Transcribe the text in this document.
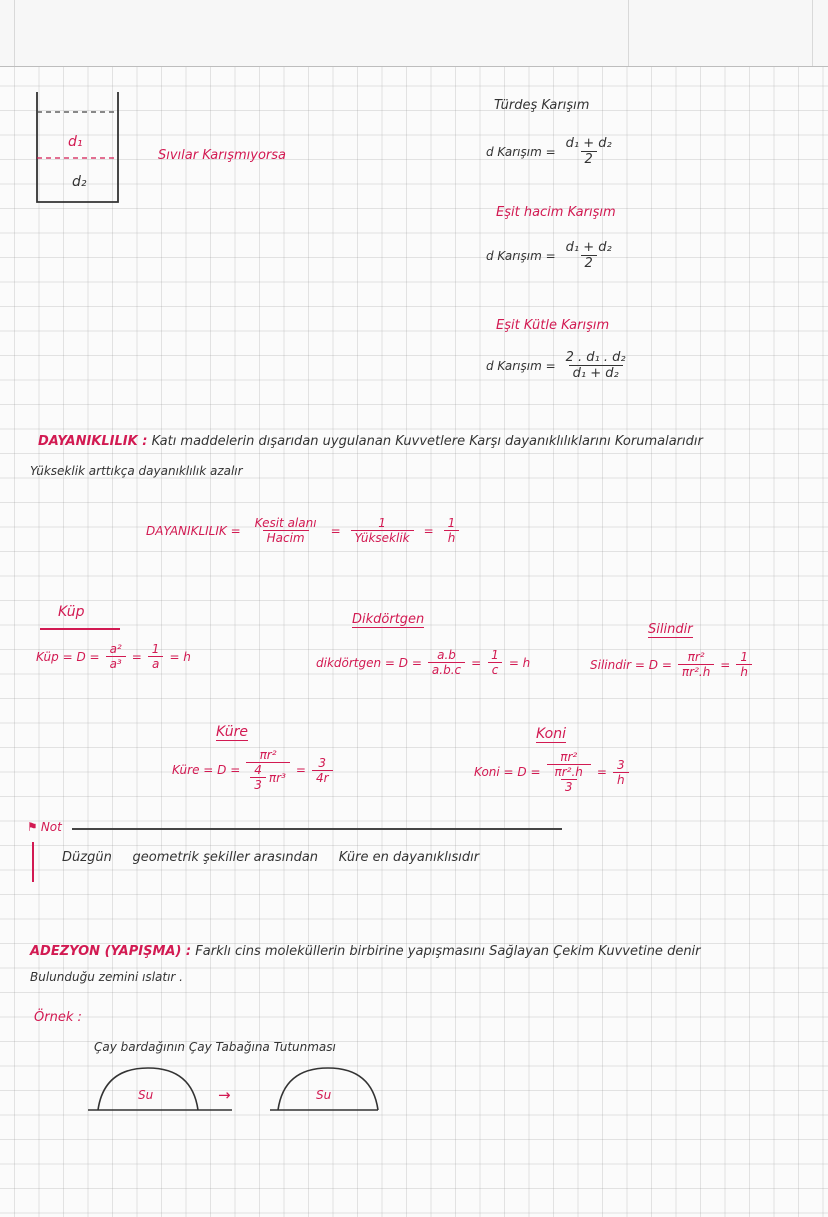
d₁
d₂
Sıvılar Karışmıyorsa
Türdeş Karışım
d Karışım = $\frac{\text{d₁ + d₂}}{2}$
Eşit hacim Karışım
d Karışım = $\frac{\text{d₁ + d₂}}{2}$
Eşit Kütle Karışım
d Karışım = $\frac{\text{2 . d₁ . d₂}}{\text{d₁ + d₂}}$
DAYANIKLILIK : Katı maddelerin dışarıdan uygulanan Kuvvetlere Karşı dayanıklılıklarını Korumalarıdır
Yükseklik arttıkça dayanıklılık azalır
DAYANIKLILIK = $\frac{\text{Kesit alanı}}{\text{Hacim}} = \frac{1}{\text{Yükseklik}} = \frac{1}{h}$
Küp
Küp = $D = \frac{\text{a²}}{\text{a³}} = \frac{1}{a} = h$
Dikdörtgen
dikdörtgen = $D = \frac{a.b}{a.b.c} = \frac{1}{c} = h$
Silindir
Silindir = $D = \frac{\text{πr²}}{\text{πr².h}} = \frac{1}{h}$
Küre
Küre = $D = \frac{\text{πr²}}{\frac{4}{3} \pi r^3} = \frac{3}{4r}$
Koni
Koni = $D = \frac{\text{πr²}}{\frac{\text{πr².h}}{3}} = \frac{3}{h}$
⚑ Not
Düzgün geometrik şekiller arasından Küre en dayanıklısıdır
ADEZYON (YAPIŞMA) : Farklı cins moleküllerin birbirine yapışmasını Sağlayan Çekim Kuvvetine denir
Bulunduğu zemini ıslatır .
Örnek :
Çay bardağının Çay Tabağına Tutunması
Su	→	Su
